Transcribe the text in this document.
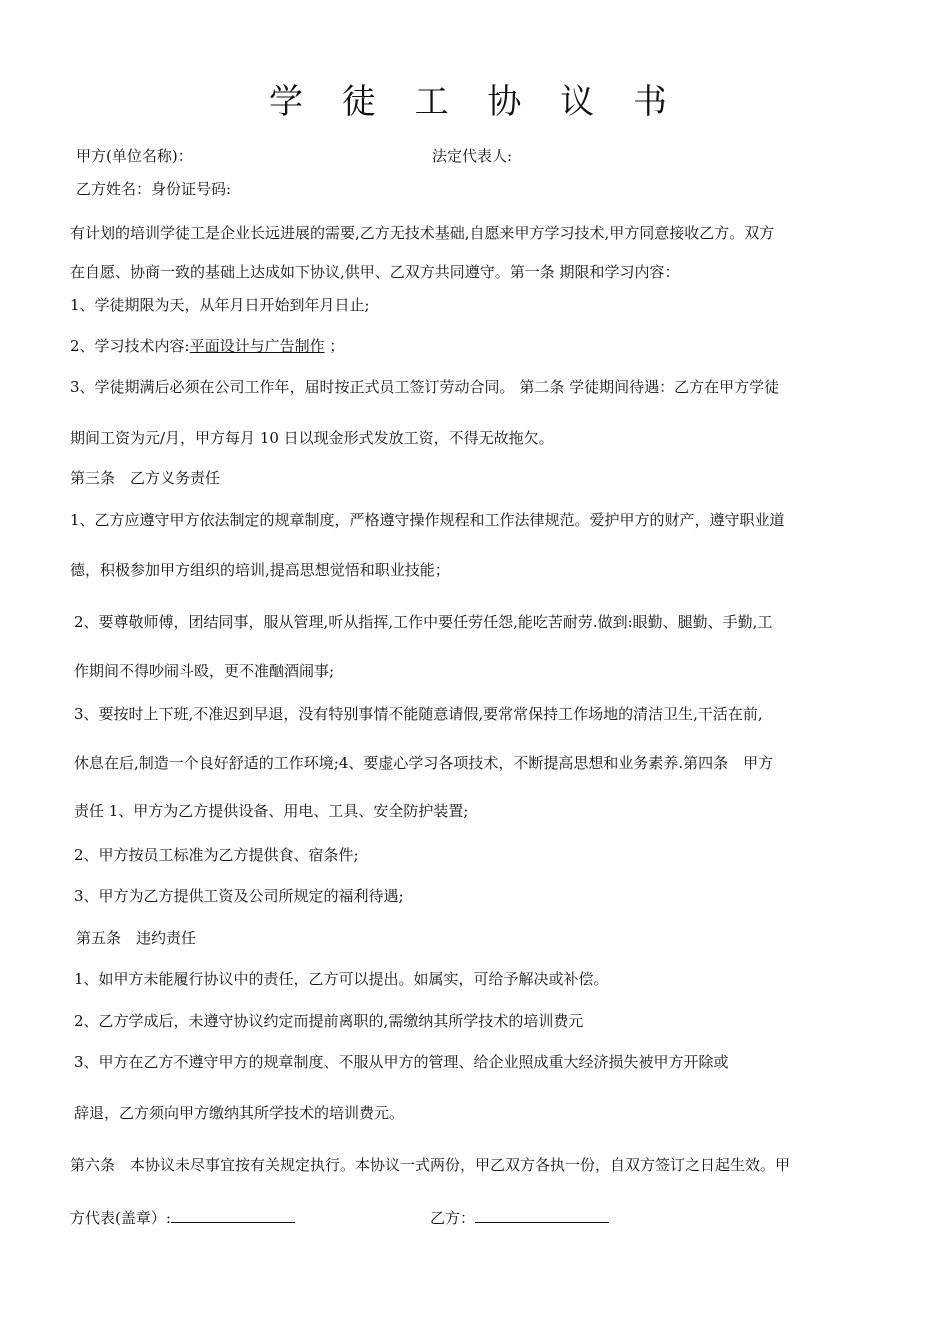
学 徒 工 协 议 书
甲方(单位名称)：	法定代表人:
乙方姓名：身份证号码:
有计划的培训学徒工是企业长远进展的需要,乙方无技术基础,自愿来甲方学习技术,甲方同意接收乙方。双方
在自愿、协商一致的基础上达成如下协议,供甲、乙双方共同遵守。第一条 期限和学习内容：
1、学徒期限为天，从年月日开始到年月日止;
2、学习技术内容:平面设计与广告制作 ；
3、学徒期满后必须在公司工作年，届时按正式员工签订劳动合同。 第二条 学徒期间待遇：乙方在甲方学徒
期间工资为元/月，甲方每月 10 日以现金形式发放工资，不得无故拖欠。
第三条　乙方义务责任
1、乙方应遵守甲方依法制定的规章制度，严格遵守操作规程和工作法律规范。爱护甲方的财产，遵守职业道
德，积极参加甲方组织的培训,提高思想觉悟和职业技能；
2、要尊敬师傅，团结同事，服从管理,听从指挥,工作中要任劳任怨,能吃苦耐劳.做到:眼勤、腿勤、手勤,工
作期间不得吵闹斗殴，更不准酗酒闹事;
3、要按时上下班,不准迟到早退，没有特别事情不能随意请假,要常常保持工作场地的清洁卫生,干活在前,
休息在后,制造一个良好舒适的工作环境;4、要虚心学习各项技术，不断提高思想和业务素养.第四条　甲方
责任 1、甲方为乙方提供设备、用电、工具、安全防护装置;
2、甲方按员工标准为乙方提供食、宿条件;
3、甲方为乙方提供工资及公司所规定的福利待遇;
第五条　违约责任
1、如甲方未能履行协议中的责任，乙方可以提出。如属实，可给予解决或补偿。
2、乙方学成后，未遵守协议约定而提前离职的,需缴纳其所学技术的培训费元
3、甲方在乙方不遵守甲方的规章制度、不服从甲方的管理、给企业照成重大经济损失被甲方开除或
辞退，乙方须向甲方缴纳其所学技术的培训费元。
第六条　本协议未尽事宜按有关规定执行。本协议一式两份，甲乙双方各执一份，自双方签订之日起生效。甲
方代表(盖章）:	乙方：
